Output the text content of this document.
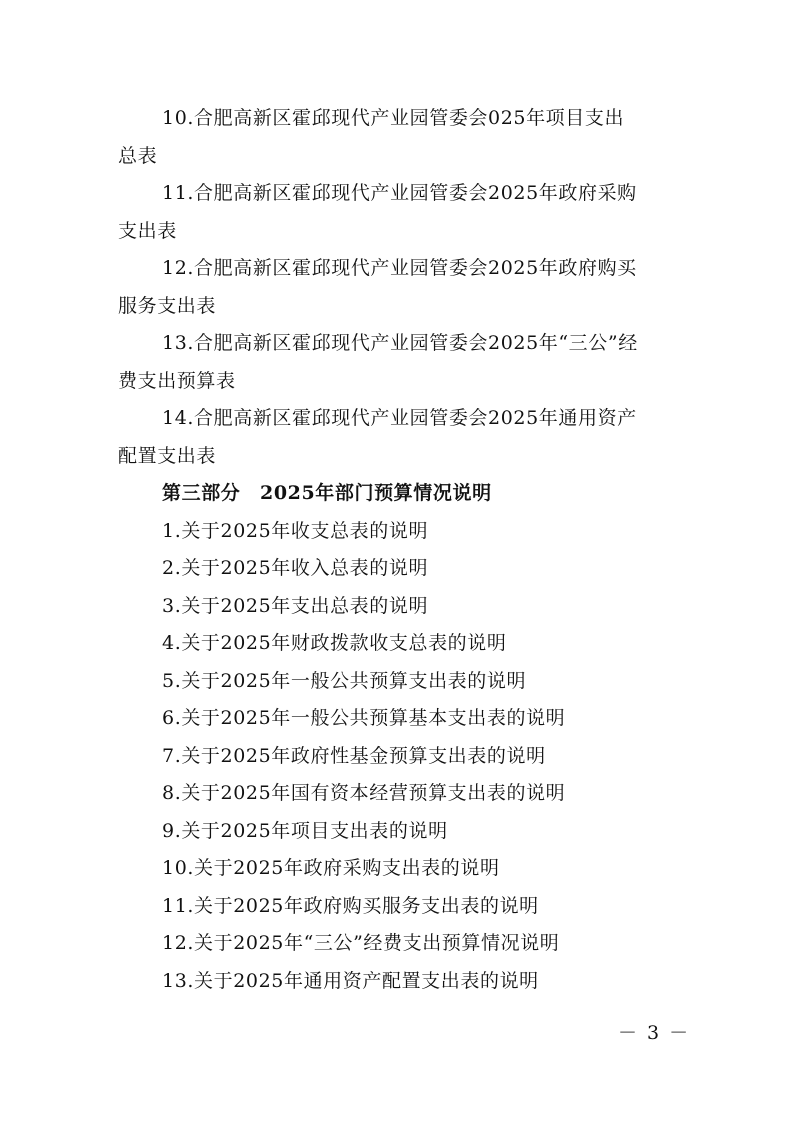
10.合肥高新区霍邱现代产业园管委会025年项目支出
总表
11.合肥高新区霍邱现代产业园管委会2025年政府采购
支出表
12.合肥高新区霍邱现代产业园管委会2025年政府购买
服务支出表
13.合肥高新区霍邱现代产业园管委会2025年“三公”经
费支出预算表
14.合肥高新区霍邱现代产业园管委会2025年通用资产
配置支出表
第三部分　2025年部门预算情况说明
1.关于2025年收支总表的说明
2.关于2025年收入总表的说明
3.关于2025年支出总表的说明
4.关于2025年财政拨款收支总表的说明
5.关于2025年一般公共预算支出表的说明
6.关于2025年一般公共预算基本支出表的说明
7.关于2025年政府性基金预算支出表的说明
8.关于2025年国有资本经营预算支出表的说明
9.关于2025年项目支出表的说明
10.关于2025年政府采购支出表的说明
11.关于2025年政府购买服务支出表的说明
12.关于2025年“三公”经费支出预算情况说明
13.关于2025年通用资产配置支出表的说明
－ 3 －
